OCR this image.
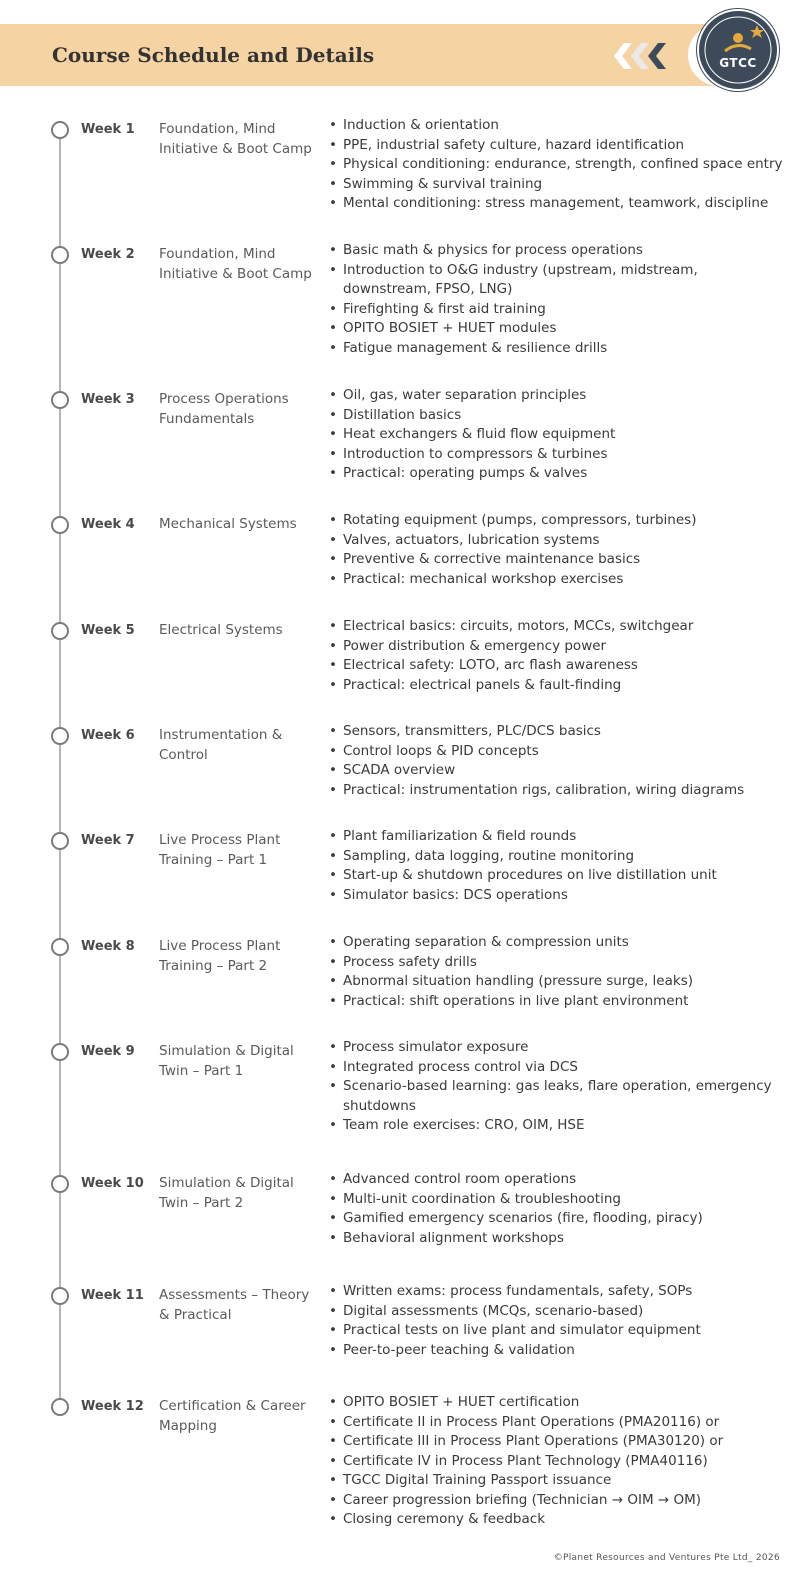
Course Schedule and Details	GTCC
Week 1	Foundation, Mind Initiative & Boot Camp
• Induction & orientation
• PPE, industrial safety culture, hazard identification
• Physical conditioning: endurance, strength, confined space entry
• Swimming & survival training
• Mental conditioning: stress management, teamwork, discipline
Week 2	Foundation, Mind Initiative & Boot Camp
• Basic math & physics for process operations
• Introduction to O&G industry (upstream, midstream, downstream, FPSO, LNG)
• Firefighting & first aid training
• OPITO BOSIET + HUET modules
• Fatigue management & resilience drills
Week 3	Process Operations Fundamentals
• Oil, gas, water separation principles
• Distillation basics
• Heat exchangers & fluid flow equipment
• Introduction to compressors & turbines
• Practical: operating pumps & valves
Week 4	Mechanical Systems	• Rotating equipment (pumps, compressors, turbines)
• Valves, actuators, lubrication systems
• Preventive & corrective maintenance basics
• Practical: mechanical workshop exercises
Week 5	Electrical Systems	• Electrical basics: circuits, motors, MCCs, switchgear
• Power distribution & emergency power
• Electrical safety: LOTO, arc flash awareness
• Practical: electrical panels & fault-finding
Week 6	Instrumentation & Control
• Sensors, transmitters, PLC/DCS basics
• Control loops & PID concepts
• SCADA overview
• Practical: instrumentation rigs, calibration, wiring diagrams
Week 7	Live Process Plant Training – Part 1
• Plant familiarization & field rounds
• Sampling, data logging, routine monitoring
• Start-up & shutdown procedures on live distillation unit
• Simulator basics: DCS operations
Week 8	Live Process Plant Training – Part 2
• Operating separation & compression units
• Process safety drills
• Abnormal situation handling (pressure surge, leaks)
• Practical: shift operations in live plant environment
Week 9	Simulation & Digital Twin – Part 1
• Process simulator exposure
• Integrated process control via DCS
• Scenario-based learning: gas leaks, flare operation, emergency shutdowns
• Team role exercises: CRO, OIM, HSE
Week 10	Simulation & Digital Twin – Part 2
• Advanced control room operations
• Multi-unit coordination & troubleshooting
• Gamified emergency scenarios (fire, flooding, piracy)
• Behavioral alignment workshops
Week 11	Assessments – Theory & Practical
• Written exams: process fundamentals, safety, SOPs
• Digital assessments (MCQs, scenario-based)
• Practical tests on live plant and simulator equipment
• Peer-to-peer teaching & validation
Week 12	Certification & Career Mapping
• OPITO BOSIET + HUET certification
• Certificate II in Process Plant Operations (PMA20116) or
• Certificate III in Process Plant Operations (PMA30120) or
• Certificate IV in Process Plant Technology (PMA40116)
• TGCC Digital Training Passport issuance
• Career progression briefing (Technician → OIM → OM)
• Closing ceremony & feedback
©Planet Resources and Ventures Pte Ltd_ 2026
